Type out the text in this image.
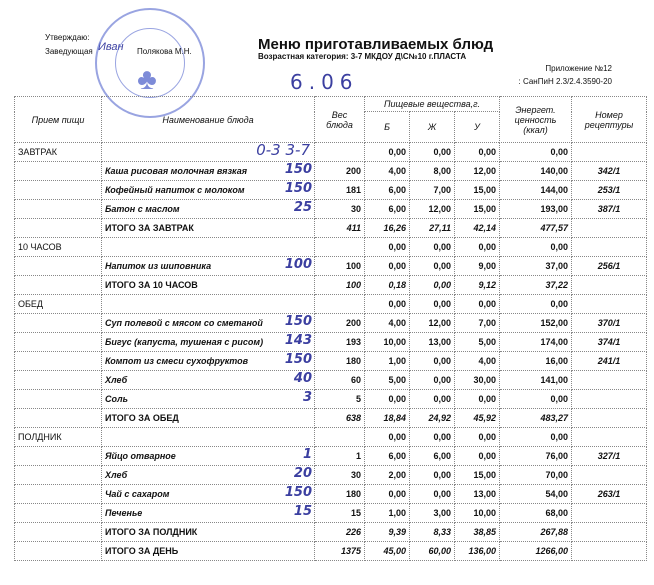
Утверждаю:
Заведующая	Полякова М.Н.
Иван
♣
Меню приготавливаемых блюд
Возрастная категория: 3-7 МКДОУ Д\С№10 г.ПЛАСТА
6.06
Приложение №12
: СанПиН 2.3/2.4.3590-20
Прием пищи	Наименование блюда	Вес блюда	Пищевые вещества,г.			Энергет. ценность (ккал)	Номер рецептуры
			Б	Ж	У		
ЗАВТРАК	0-3 3-7		0,00	0,00	0,00	0,00	
	Каша рисовая молочная вязкая 150	200	4,00	8,00	12,00	140,00	342/1
	Кофейный напиток с молоком 150	181	6,00	7,00	15,00	144,00	253/1
	Батон с маслом 25	30	6,00	12,00	15,00	193,00	387/1
	ИТОГО ЗА ЗАВТРАК	411	16,26	27,11	42,14	477,57	
10 ЧАСОВ			0,00	0,00	0,00	0,00	
	Напиток из шиповника 100	100	0,00	0,00	9,00	37,00	256/1
	ИТОГО ЗА 10 ЧАСОВ	100	0,18	0,00	9,12	37,22	
ОБЕД			0,00	0,00	0,00	0,00	
	Суп полевой с мясом со сметаной 150	200	4,00	12,00	7,00	152,00	370/1
	Бигус (капуста, тушеная с рисом) 143	193	10,00	13,00	5,00	174,00	374/1
	Компот из смеси сухофруктов 150	180	1,00	0,00	4,00	16,00	241/1
	Хлеб 40	60	5,00	0,00	30,00	141,00	
	Соль 3	5	0,00	0,00	0,00	0,00	
	ИТОГО ЗА ОБЕД	638	18,84	24,92	45,92	483,27	
ПОЛДНИК			0,00	0,00	0,00	0,00	
	Яйцо отварное 1	1	6,00	6,00	0,00	76,00	327/1
	Хлеб 20	30	2,00	0,00	15,00	70,00	
	Чай с сахаром 150	180	0,00	0,00	13,00	54,00	263/1
	Печенье 15	15	1,00	3,00	10,00	68,00	
	ИТОГО ЗА ПОЛДНИК	226	9,39	8,33	38,85	267,88	
	ИТОГО ЗА ДЕНЬ	1375	45,00	60,00	136,00	1266,00	
